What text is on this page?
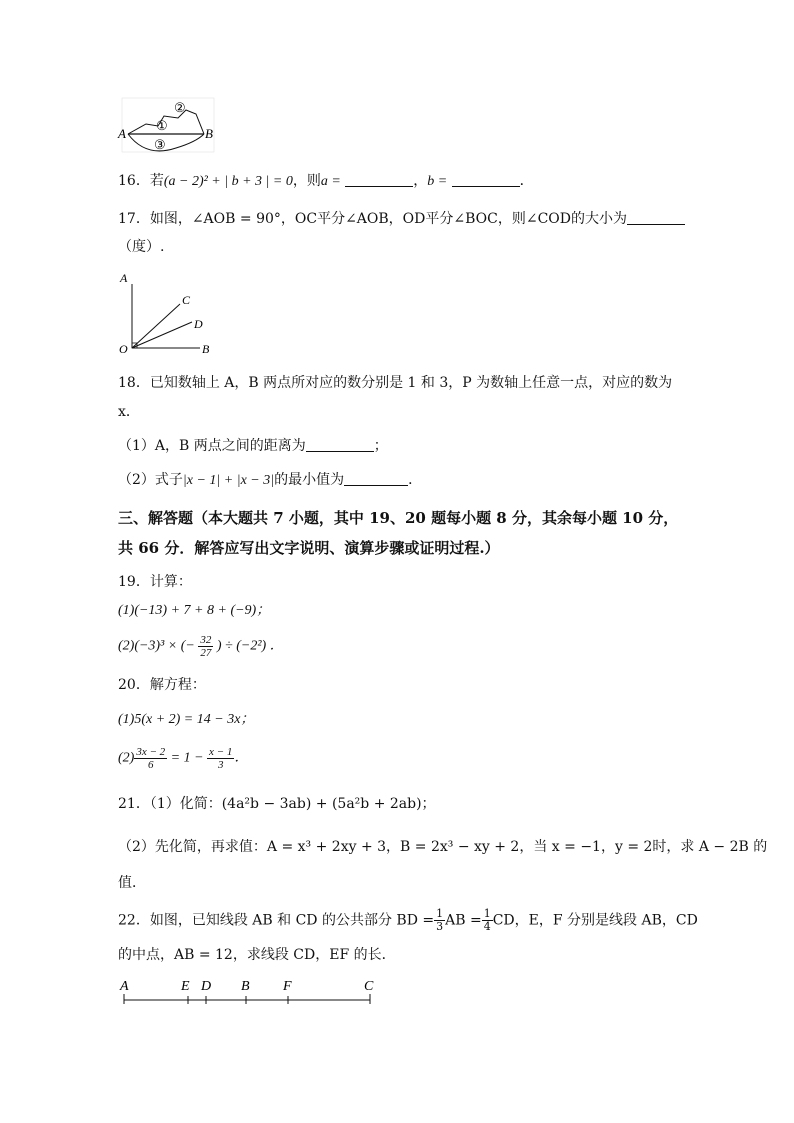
A	B
①
②
③
16．若(a − 2)² + | b + 3 | = 0，则a =	，b =	．
17．如图，∠AOB = 90°，OC平分∠AOB，OD平分∠BOC，则∠COD的大小为
（度）.
A
C
D
O	B
18．已知数轴上 A，B 两点所对应的数分别是 1 和 3，P 为数轴上任意一点，对应的数为
x．
（1）A，B 两点之间的距离为	；
（2）式子|x − 1| + |x − 3|的最小值为	．
三、解答题（本大题共 7 小题，其中 19、20 题每小题 8 分，其余每小题 10 分，
共 66 分．解答应写出文字说明、演算步骤或证明过程.）
19．计算：
(1)(−13) + 7 + 8 + (−9)；
(2)(−3)³ × (− $\frac{32}{27}$ ) ÷ (−2²) ．
20．解方程：
(1)5(x + 2) = 14 − 3x；
$(2) \frac{3x - 2}{6} = 1 - \frac{x - 1}{3}$ ．
21．（1）化简：(4a²b − 3ab) + (5a²b + 2ab)；
（2）先化简，再求值：A = x³ + 2xy + 3，B = 2x³ − xy + 2，当 x = −1，y = 2时，求 A − 2B 的
值．
22．如图，已知线段 AB 和 CD 的公共部分 BD = $\frac{1}{3}$ AB = $\frac{1}{4}$ CD，E，F 分别是线段 AB，CD
的中点，AB = 12，求线段 CD，EF 的长．
A	E D B F	C
